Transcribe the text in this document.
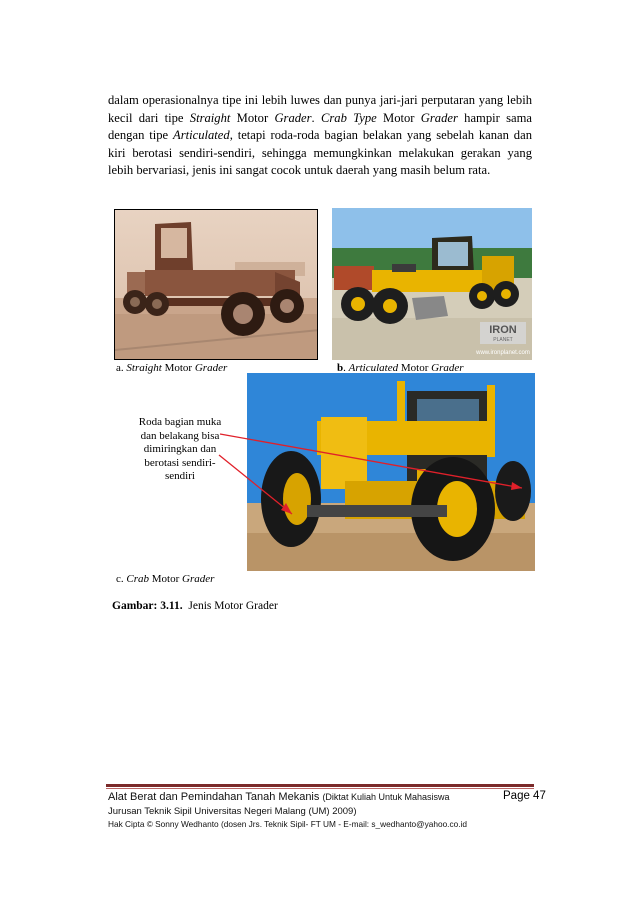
dalam operasionalnya tipe ini lebih luwes dan punya jari-jari perputaran yang lebih kecil dari tipe Straight Motor Grader. Crab Type Motor Grader hampir sama dengan tipe Articulated, tetapi roda-roda bagian belakan yang sebelah kanan dan kiri berotasi sendiri-sendiri, sehingga memungkinkan melakukan gerakan yang lebih bervariasi, jenis ini sangat cocok untuk daerah yang masih belum rata.
IRON
PLANET
www.ironplanet.com
Roda bagian muka dan belakang bisa dimiringkan dan berotasi sendiri-sendiri
a. Straight Motor Grader	b. Articulated Motor Grader
c. Crab Motor Grader
Gambar: 3.11.  Jenis Motor Grader
Alat Berat dan Pemindahan Tanah Mekanis (Diktat Kuliah Untuk Mahasiswa	Page 47
Jurusan Teknik Sipil Universitas Negeri Malang (UM) 2009)
Hak Cipta © Sonny Wedhanto (dosen Jrs. Teknik Sipil- FT UM - E-mail: s_wedhanto@yahoo.co.id
